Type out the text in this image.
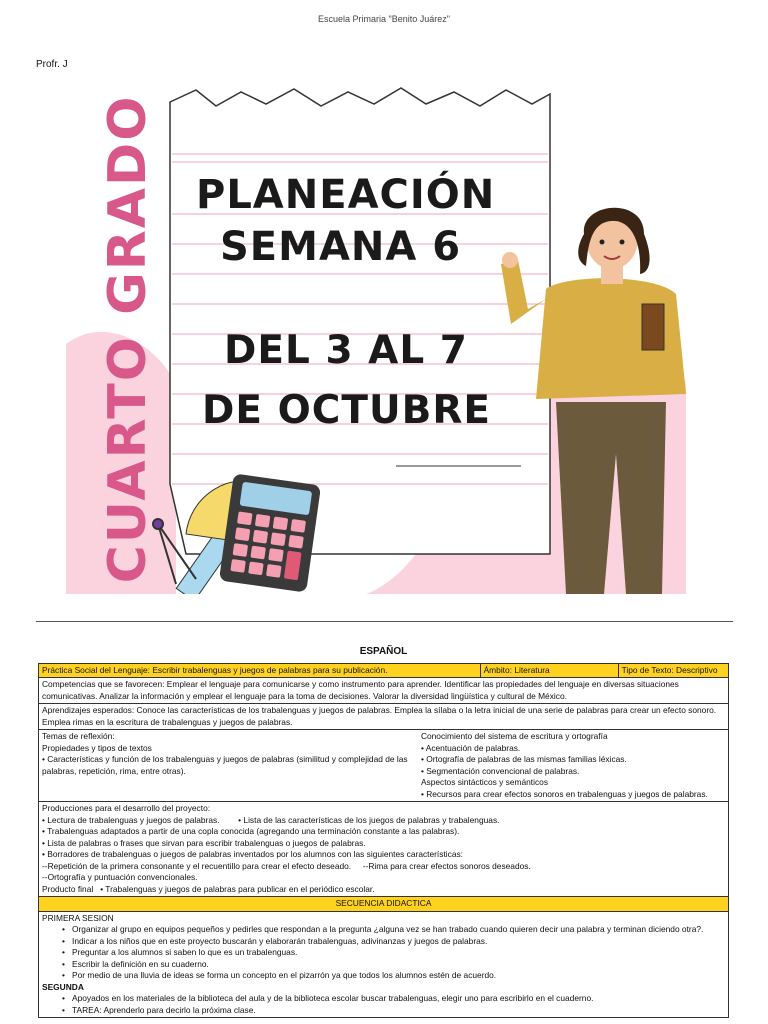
Escuela Primaria "Benito Juárez"
Profr. J
PLANEACIÓN
SEMANA 6
DEL 3 AL 7
DE OCTUBRE
CUARTO GRADO
ESPAÑOL
Práctica Social del Lenguaje: Escribir trabalenguas y juegos de palabras para su publicación.	Ámbito: Literatura	Tipo de Texto: Descriptivo
Competencias que se favorecen: Emplear el lenguaje para comunicarse y como instrumento para aprender. Identificar las propiedades del lenguaje en diversas situaciones comunicativas. Analizar la información y emplear el lenguaje para la toma de decisiones. Valorar la diversidad lingüística y cultural de México.
Aprendizajes esperados: Conoce las características de los trabalenguas y juegos de palabras. Emplea la sílaba o la letra inicial de una serie de palabras para crear un efecto sonoro. Emplea rimas en la escritura de trabalenguas y juegos de palabras.

Temas de reflexión:
Propiedades y tipos de textos
• Características y función de los trabalenguas y juegos de palabras (similitud y complejidad de las palabras, repetición, rima, entre otras).

Conocimiento del sistema de escritura y ortografía
• Acentuación de palabras.
• Ortografía de palabras de las mismas familias léxicas.
• Segmentación convencional de palabras.
Aspectos sintácticos y semánticos
• Recursos para crear efectos sonoros en trabalenguas y juegos de palabras.

Producciones para el desarrollo del proyecto:
• Lectura de trabalenguas y juegos de palabras.        • Lista de las características de los juegos de palabras y trabalenguas.
• Trabalenguas adaptados a partir de una copla conocida (agregando una terminación constante a las palabras).
• Lista de palabras o frases que sirvan para escribir trabalenguas o juegos de palabras.
• Borradores de trabalenguas o juegos de palabras inventados por los alumnos con las siguientes características:
--Repetición de la primera consonante y el recuentillo para crear el efecto deseado.     --Rima para crear efectos sonoros deseados.
--Ortografía y puntuación convencionales.
Producto final   • Trabalenguas y juegos de palabras para publicar en el periódico escolar.

SECUENCIA DIDACTICA

PRIMERA SESION
• Organizar al grupo en equipos pequeños y pedirles que respondan a la pregunta ¿alguna vez se han trabado cuando quieren decir una palabra y terminan diciendo otra?.
• Indicar a los niños que en este proyecto buscarán y elaborarán trabalenguas, adivinanzas y juegos de palabras.
• Preguntar a los alumnos si saben lo que es un trabalenguas.
• Escribir la definición en su cuaderno.
• Por medio de una lluvia de ideas se forma un concepto en el pizarrón ya que todos los alumnos estén de acuerdo.
SEGUNDA
• Apoyados en los materiales de la biblioteca del aula y de la biblioteca escolar buscar trabalenguas, elegir uno para escribirlo en el cuaderno.
• TAREA: Aprenderlo para decirlo la próxima clase.
